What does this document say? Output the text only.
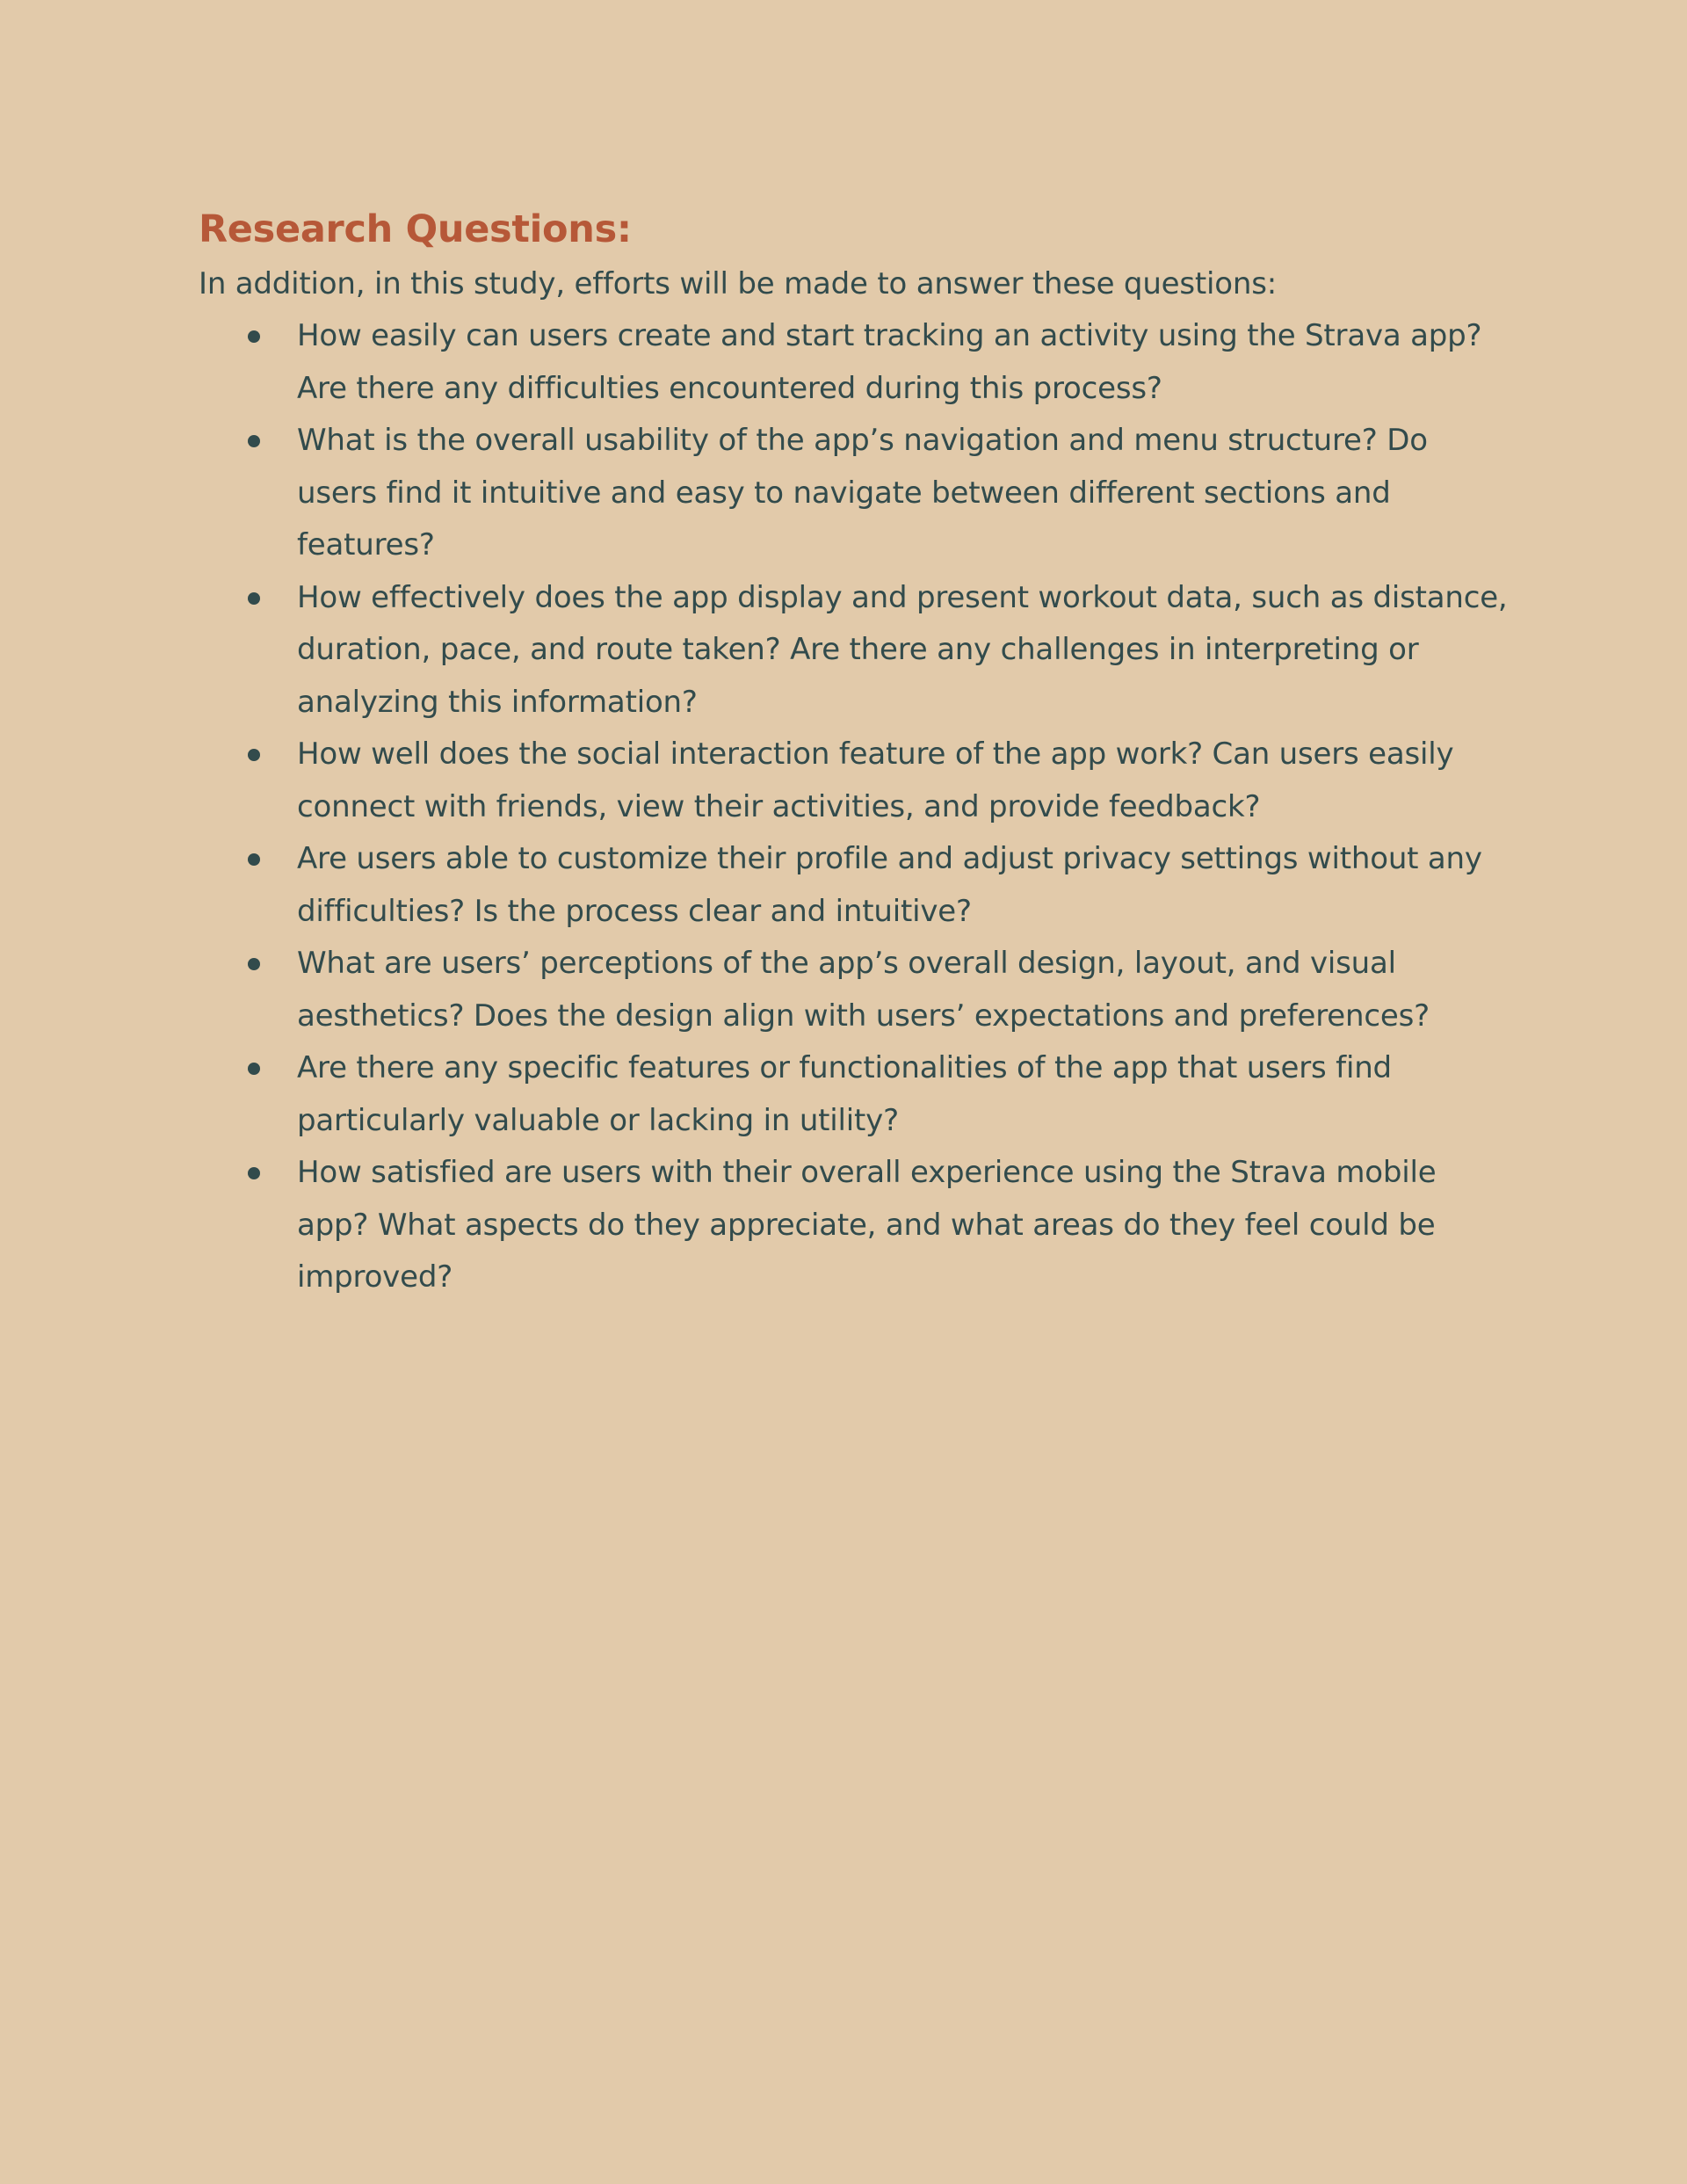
Research Questions:

In addition, in this study, efforts will be made to answer these questions:

How easily can users create and start tracking an activity using the Strava app? Are there any difficulties encountered during this process?
What is the overall usability of the app’s navigation and menu structure? Do users find it intuitive and easy to navigate between different sections and features?
How effectively does the app display and present workout data, such as distance, duration, pace, and route taken? Are there any challenges in interpreting or analyzing this information?
How well does the social interaction feature of the app work? Can users easily connect with friends, view their activities, and provide feedback?
Are users able to customize their profile and adjust privacy settings without any difficulties? Is the process clear and intuitive?
What are users’ perceptions of the app’s overall design, layout, and visual aesthetics? Does the design align with users’ expectations and preferences?
Are there any specific features or functionalities of the app that users find particularly valuable or lacking in utility?
How satisfied are users with their overall experience using the Strava mobile app? What aspects do they appreciate, and what areas do they feel could be improved?
